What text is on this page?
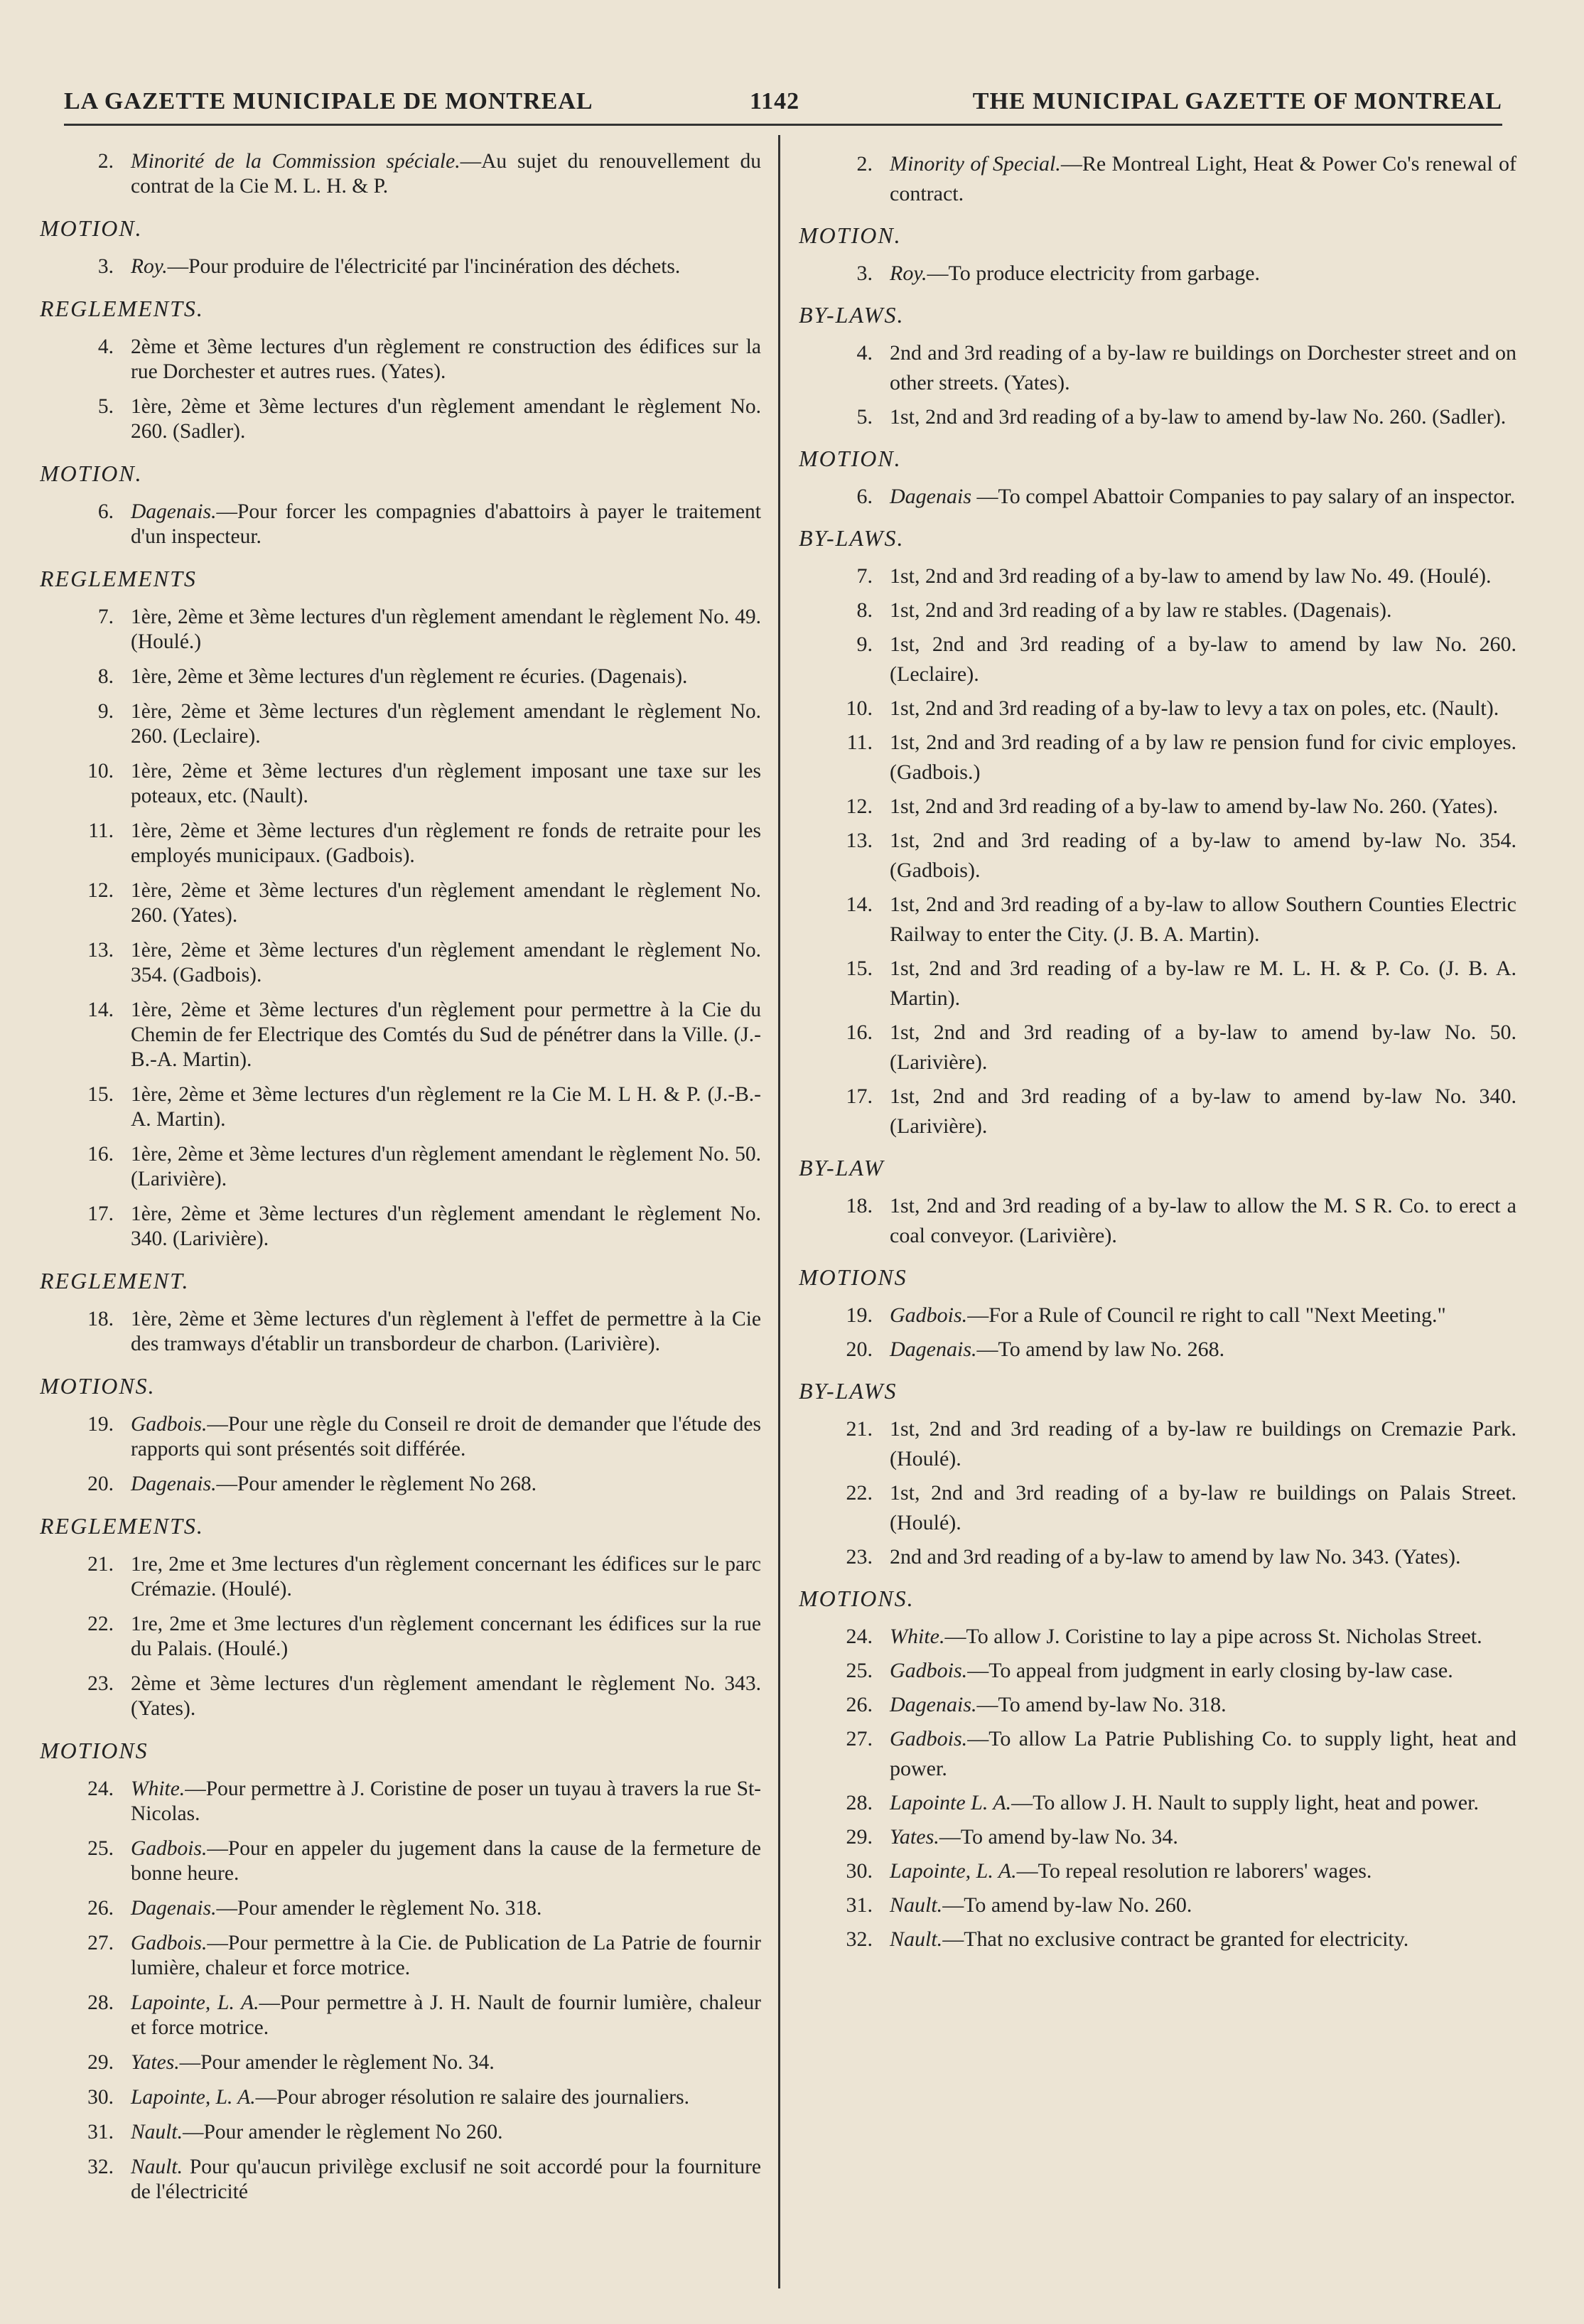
LA GAZETTE MUNICIPALE DE MONTREAL	1142	THE MUNICIPAL GAZETTE OF MONTREAL
2. Minorité de la Commission spéciale.—Au sujet du renouvellement du contrat de la Cie M. L. H. & P.
MOTION.
3. Roy.—Pour produire de l'électricité par l'incinération des déchets.
REGLEMENTS.
4. 2ème et 3ème lectures d'un règlement re construction des édifices sur la rue Dorchester et autres rues. (Yates).
5. 1ère, 2ème et 3ème lectures d'un règlement amendant le règlement No. 260. (Sadler).
MOTION.
6. Dagenais.—Pour forcer les compagnies d'abattoirs à payer le traitement d'un inspecteur.
REGLEMENTS
7. 1ère, 2ème et 3ème lectures d'un règlement amendant le règlement No. 49. (Houlé.)
8. 1ère, 2ème et 3ème lectures d'un règlement re écuries. (Dagenais).
9. 1ère, 2ème et 3ème lectures d'un règlement amendant le règlement No. 260. (Leclaire).
10. 1ère, 2ème et 3ème lectures d'un règlement imposant une taxe sur les poteaux, etc. (Nault).
11. 1ère, 2ème et 3ème lectures d'un règlement re fonds de retraite pour les employés municipaux. (Gadbois).
12. 1ère, 2ème et 3ème lectures d'un règlement amendant le règlement No. 260. (Yates).
13. 1ère, 2ème et 3ème lectures d'un règlement amendant le règlement No. 354. (Gadbois).
14. 1ère, 2ème et 3ème lectures d'un règlement pour permettre à la Cie du Chemin de fer Electrique des Comtés du Sud de pénétrer dans la Ville. (J.-B.-A. Martin).
15. 1ère, 2ème et 3ème lectures d'un règlement re la Cie M. L H. & P. (J.-B.-A. Martin).
16. 1ère, 2ème et 3ème lectures d'un règlement amendant le règlement No. 50. (Larivière).
17. 1ère, 2ème et 3ème lectures d'un règlement amendant le règlement No. 340. (Larivière).
REGLEMENT.
18. 1ère, 2ème et 3ème lectures d'un règlement à l'effet de permettre à la Cie des tramways d'établir un transbordeur de charbon. (Larivière).
MOTIONS.
19. Gadbois.—Pour une règle du Conseil re droit de demander que l'étude des rapports qui sont présentés soit différée.
20. Dagenais.—Pour amender le règlement No 268.
REGLEMENTS.
21. 1re, 2me et 3me lectures d'un règlement concernant les édifices sur le parc Crémazie. (Houlé).
22. 1re, 2me et 3me lectures d'un règlement concernant les édifices sur la rue du Palais. (Houlé.)
23. 2ème et 3ème lectures d'un règlement amendant le règlement No. 343. (Yates).
MOTIONS
24. White.—Pour permettre à J. Coristine de poser un tuyau à travers la rue St-Nicolas.
25. Gadbois.—Pour en appeler du jugement dans la cause de la fermeture de bonne heure.
26. Dagenais.—Pour amender le règlement No. 318.
27. Gadbois.—Pour permettre à la Cie. de Publication de La Patrie de fournir lumière, chaleur et force motrice.
28. Lapointe, L. A.—Pour permettre à J. H. Nault de fournir lumière, chaleur et force motrice.
29. Yates.—Pour amender le règlement No. 34.
30. Lapointe, L. A.—Pour abroger résolution re salaire des journaliers.
31. Nault.—Pour amender le règlement No 260.
32. Nault. Pour qu'aucun privilège exclusif ne soit accordé pour la fourniture de l'électricité
2. Minority of Special.—Re Montreal Light, Heat & Power Co's renewal of contract.
MOTION.
3. Roy.—To produce electricity from garbage.
BY-LAWS.
4. 2nd and 3rd reading of a by-law re buildings on Dorchester street and on other streets. (Yates).
5. 1st, 2nd and 3rd reading of a by-law to amend by-law No. 260. (Sadler).
MOTION.
6. Dagenais —To compel Abattoir Companies to pay salary of an inspector.
BY-LAWS.
7. 1st, 2nd and 3rd reading of a by-law to amend by law No. 49. (Houlé).
8. 1st, 2nd and 3rd reading of a by law re stables. (Dagenais).
9. 1st, 2nd and 3rd reading of a by-law to amend by law No. 260. (Leclaire).
10. 1st, 2nd and 3rd reading of a by-law to levy a tax on poles, etc. (Nault).
11. 1st, 2nd and 3rd reading of a by law re pension fund for civic employes. (Gadbois.)
12. 1st, 2nd and 3rd reading of a by-law to amend by-law No. 260. (Yates).
13. 1st, 2nd and 3rd reading of a by-law to amend by-law No. 354. (Gadbois).
14. 1st, 2nd and 3rd reading of a by-law to allow Southern Counties Electric Railway to enter the City. (J. B. A. Martin).
15. 1st, 2nd and 3rd reading of a by-law re M. L. H. & P. Co. (J. B. A. Martin).
16. 1st, 2nd and 3rd reading of a by-law to amend by-law No. 50. (Larivière).
17. 1st, 2nd and 3rd reading of a by-law to amend by-law No. 340. (Larivière).
BY-LAW
18. 1st, 2nd and 3rd reading of a by-law to allow the M. S R. Co. to erect a coal conveyor. (Larivière).
MOTIONS
19. Gadbois.—For a Rule of Council re right to call "Next Meeting."
20. Dagenais.—To amend by law No. 268.
BY-LAWS
21. 1st, 2nd and 3rd reading of a by-law re buildings on Cremazie Park. (Houlé).
22. 1st, 2nd and 3rd reading of a by-law re buildings on Palais Street. (Houlé).
23. 2nd and 3rd reading of a by-law to amend by law No. 343. (Yates).
MOTIONS.
24. White.—To allow J. Coristine to lay a pipe across St. Nicholas Street.
25. Gadbois.—To appeal from judgment in early closing by-law case.
26. Dagenais.—To amend by-law No. 318.
27. Gadbois.—To allow La Patrie Publishing Co. to supply light, heat and power.
28. Lapointe L. A.—To allow J. H. Nault to supply light, heat and power.
29. Yates.—To amend by-law No. 34.
30. Lapointe, L. A.—To repeal resolution re laborers' wages.
31. Nault.—To amend by-law No. 260.
32. Nault.—That no exclusive contract be granted for electricity.
